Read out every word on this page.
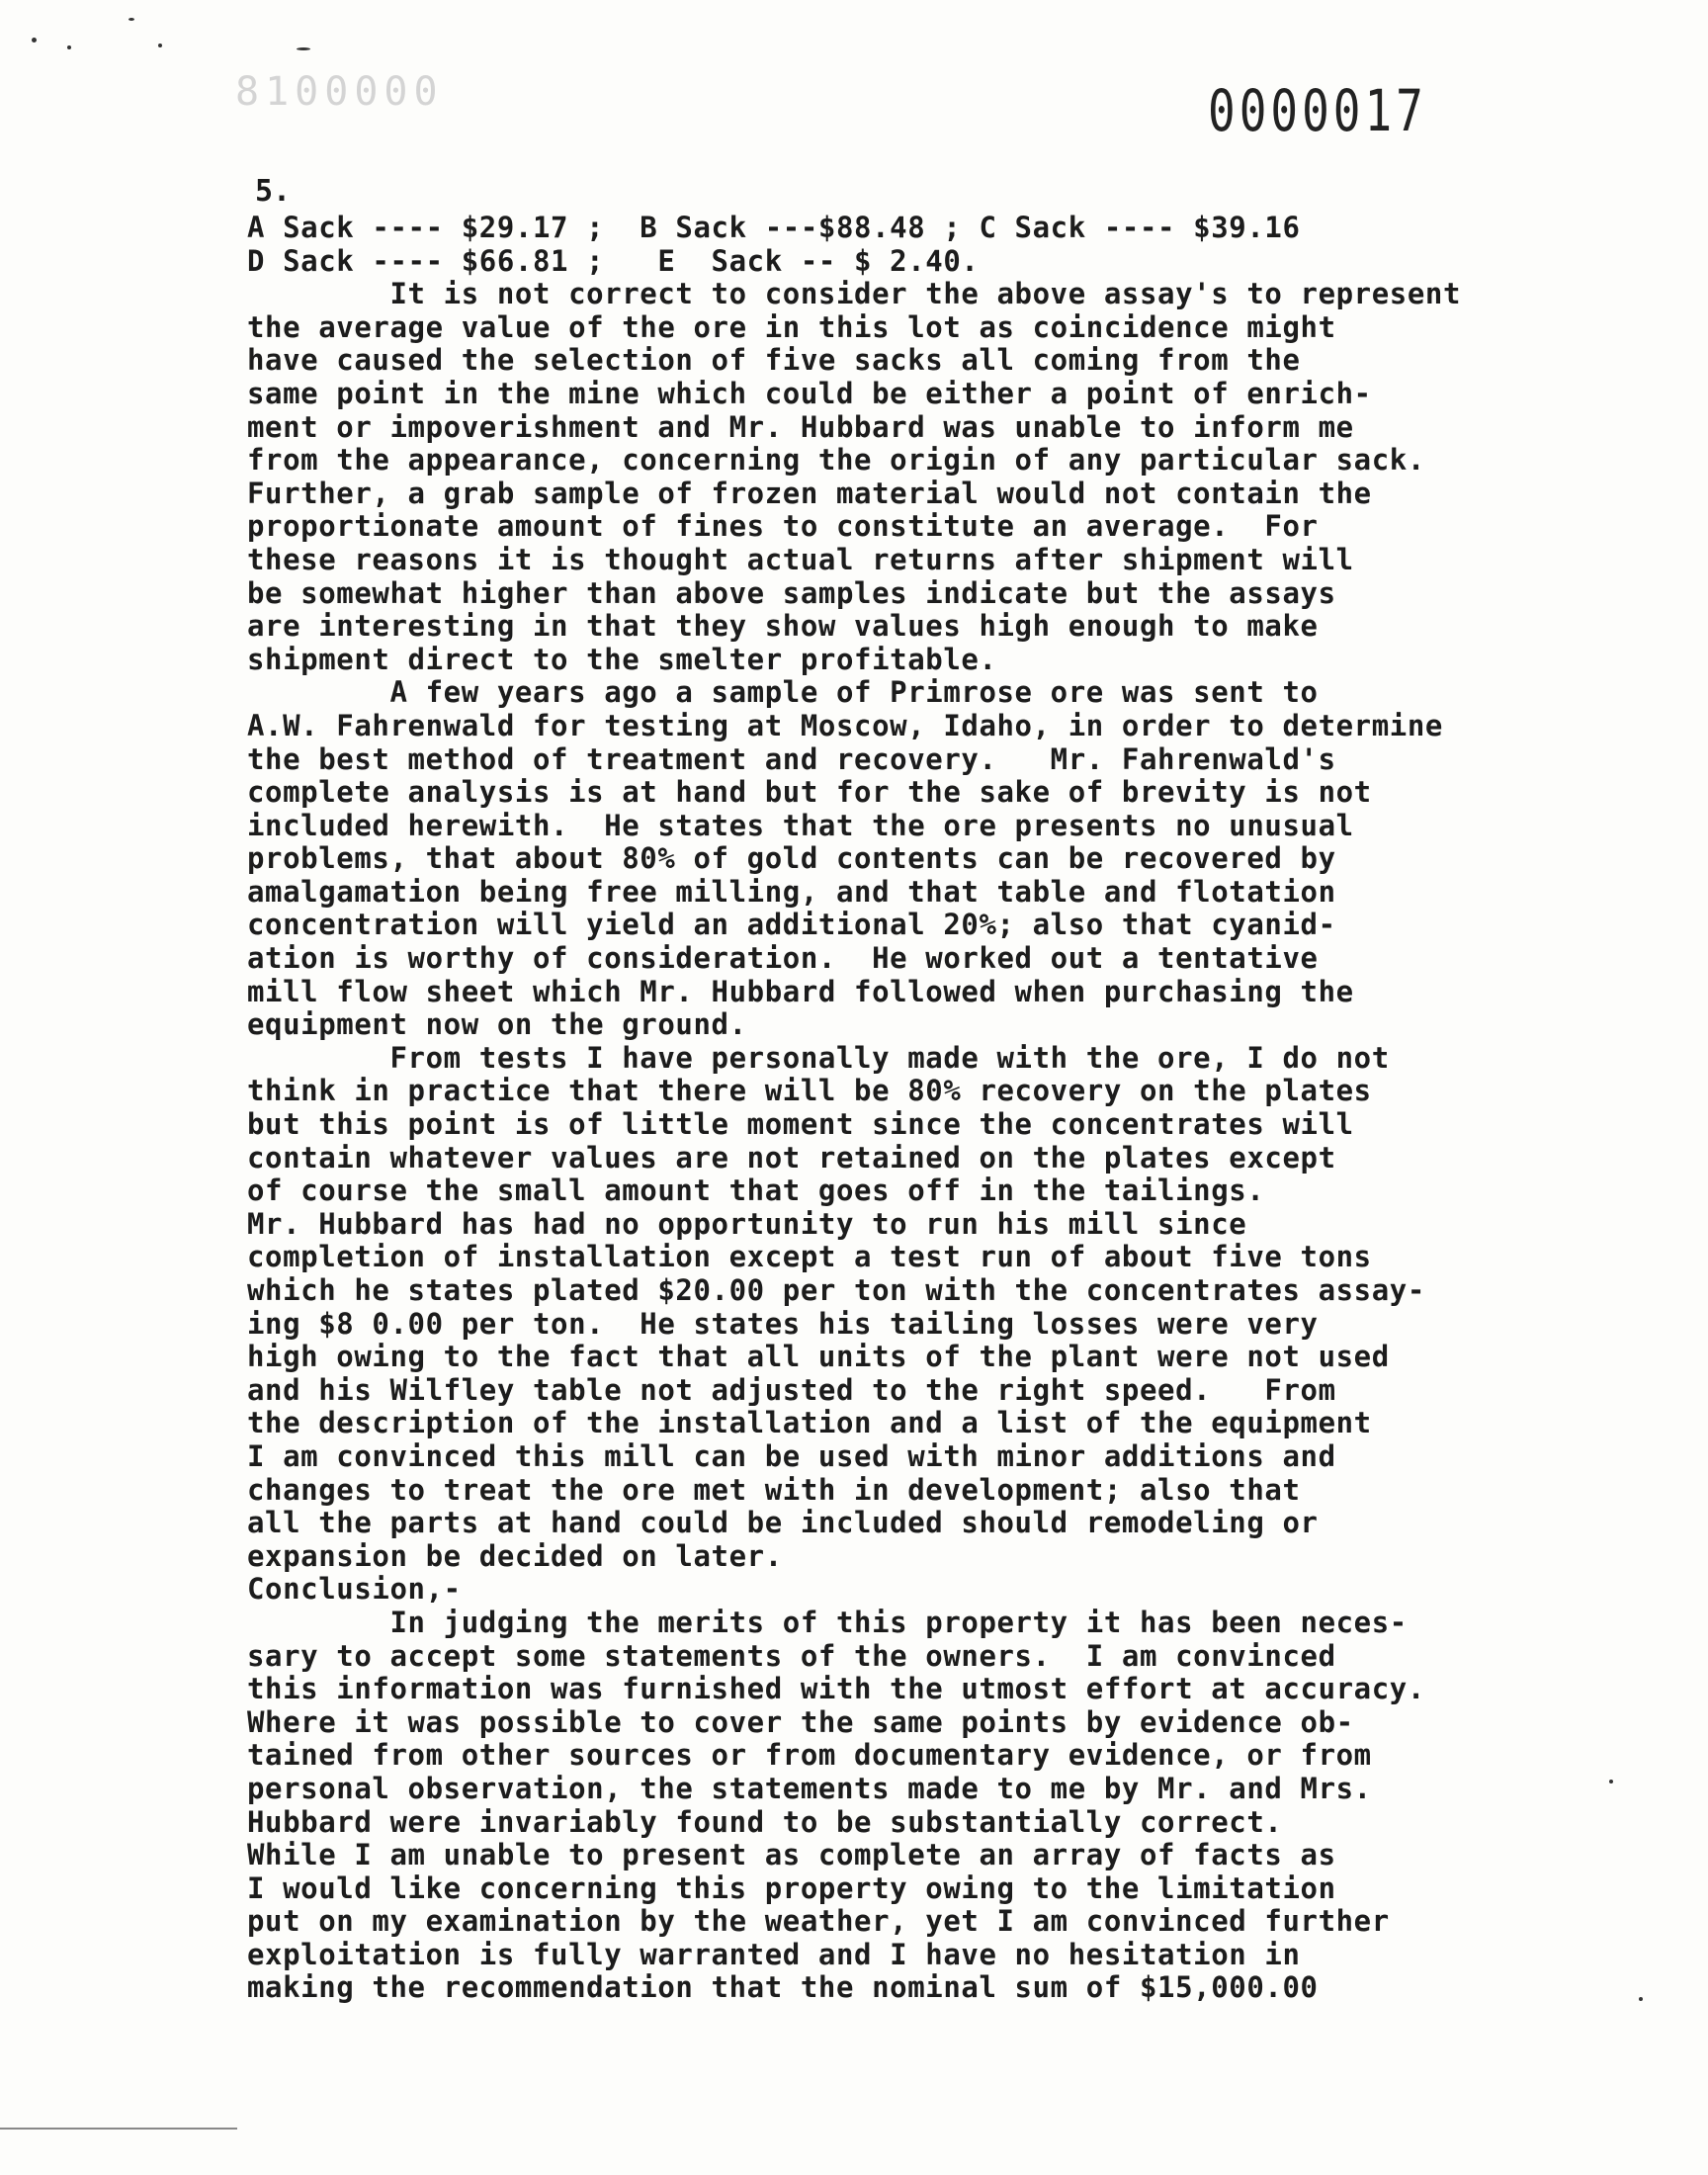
8100000	0000017
5.
A Sack ---- $29.17 ;  B Sack ---$88.48 ; C Sack ---- $39.16
D Sack ---- $66.81 ;   E  Sack -- $ 2.40.
It is not correct to consider the above assay's to represent
the average value of the ore in this lot as coincidence might
have caused the selection of five sacks all coming from the
same point in the mine which could be either a point of enrich-
ment or impoverishment and Mr. Hubbard was unable to inform me
from the appearance, concerning the origin of any particular sack.
Further, a grab sample of frozen material would not contain the
proportionate amount of fines to constitute an average.  For
these reasons it is thought actual returns after shipment will
be somewhat higher than above samples indicate but the assays
are interesting in that they show values high enough to make
shipment direct to the smelter profitable.
A few years ago a sample of Primrose ore was sent to
A.W. Fahrenwald for testing at Moscow, Idaho, in order to determine
the best method of treatment and recovery.   Mr. Fahrenwald's
complete analysis is at hand but for the sake of brevity is not
included herewith.  He states that the ore presents no unusual
problems, that about 80% of gold contents can be recovered by
amalgamation being free milling, and that table and flotation
concentration will yield an additional 20%; also that cyanid-
ation is worthy of consideration.  He worked out a tentative
mill flow sheet which Mr. Hubbard followed when purchasing the
equipment now on the ground.
From tests I have personally made with the ore, I do not
think in practice that there will be 80% recovery on the plates
but this point is of little moment since the concentrates will
contain whatever values are not retained on the plates except
of course the small amount that goes off in the tailings.
Mr. Hubbard has had no opportunity to run his mill since
completion of installation except a test run of about five tons
which he states plated $20.00 per ton with the concentrates assay-
ing $8 0.00 per ton.  He states his tailing losses were very
high owing to the fact that all units of the plant were not used
and his Wilfley table not adjusted to the right speed.   From
the description of the installation and a list of the equipment
I am convinced this mill can be used with minor additions and
changes to treat the ore met with in development; also that
all the parts at hand could be included should remodeling or
expansion be decided on later.
Conclusion,-
In judging the merits of this property it has been neces-
sary to accept some statements of the owners.  I am convinced
this information was furnished with the utmost effort at accuracy.
Where it was possible to cover the same points by evidence ob-
tained from other sources or from documentary evidence, or from
personal observation, the statements made to me by Mr. and Mrs.
Hubbard were invariably found to be substantially correct.
While I am unable to present as complete an array of facts as
I would like concerning this property owing to the limitation
put on my examination by the weather, yet I am convinced further
exploitation is fully warranted and I have no hesitation in
making the recommendation that the nominal sum of $15,000.00
